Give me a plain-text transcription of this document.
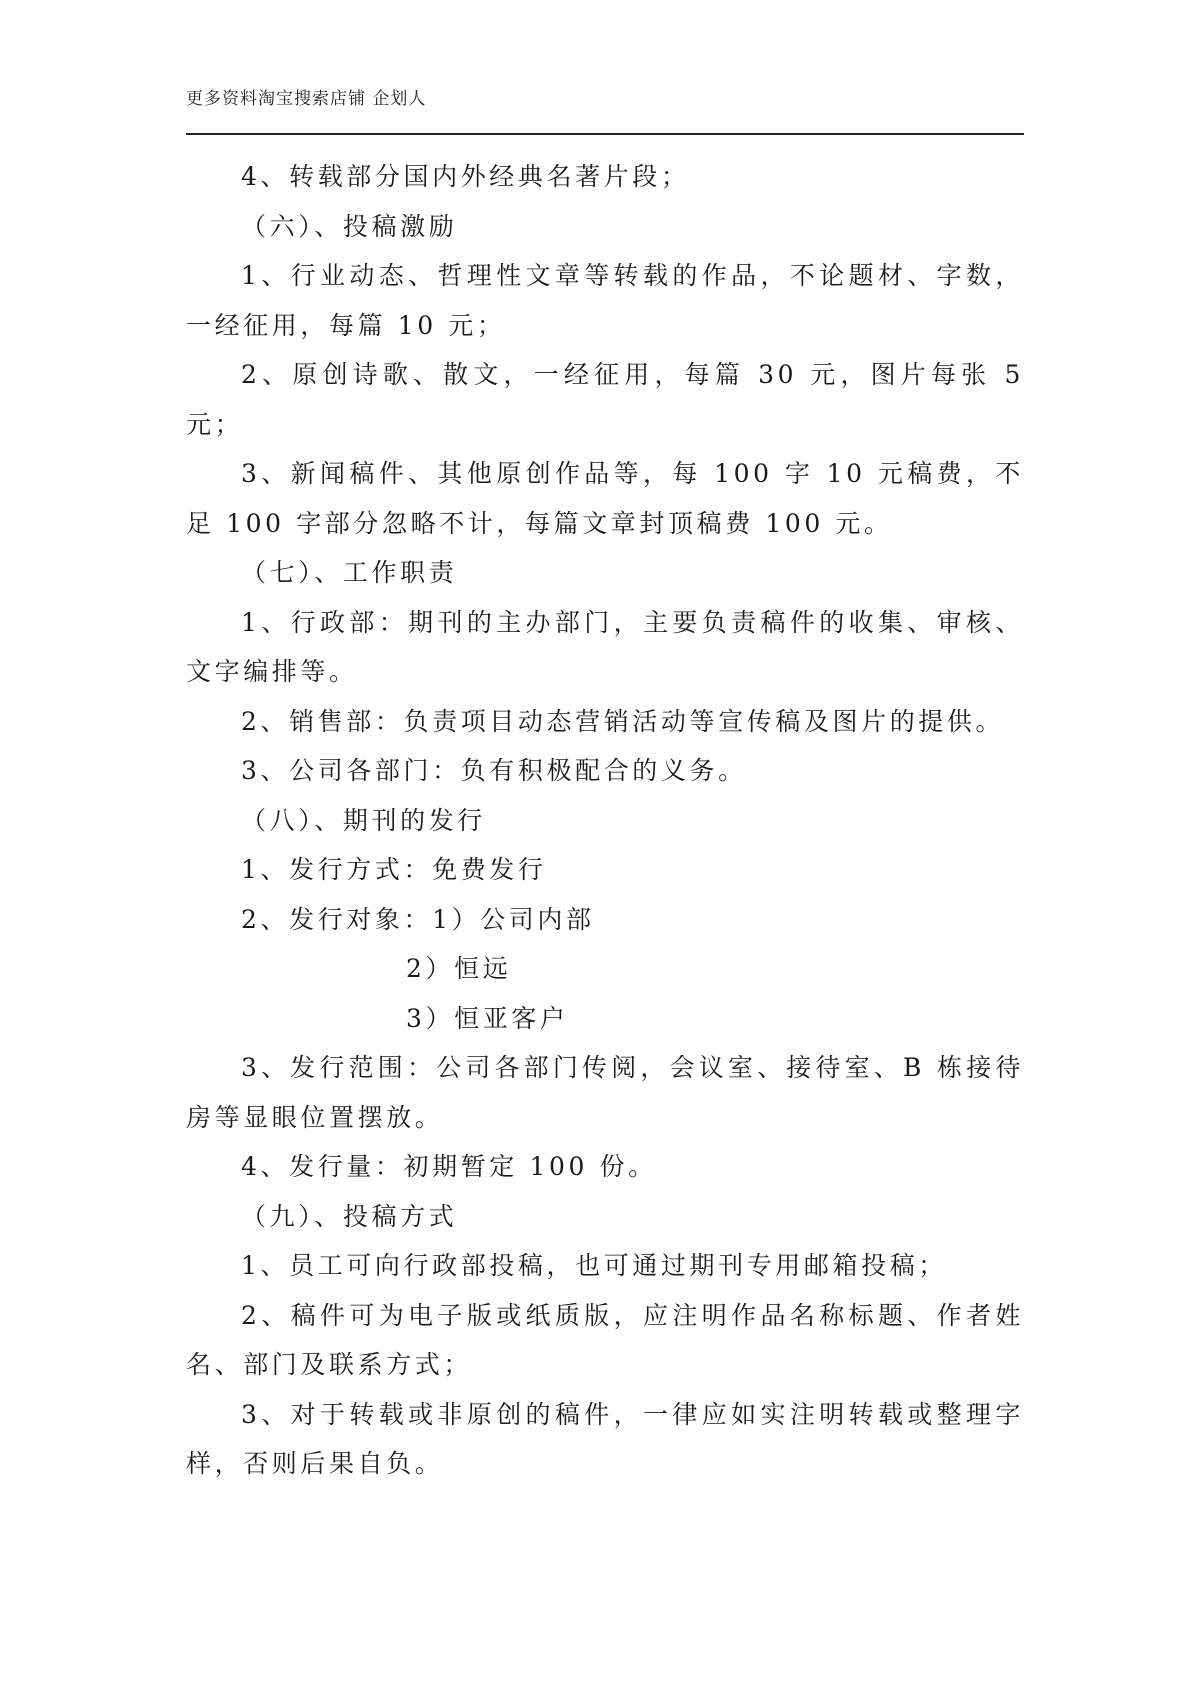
更多资料淘宝搜索店铺 企划人

4、转载部分国内外经典名著片段；

（六）、投稿激励

1、行业动态、哲理性文章等转载的作品，不论题材、字数，一经征用，每篇 10 元；

2、原创诗歌、散文，一经征用，每篇 30 元，图片每张 5 元；

3、新闻稿件、其他原创作品等，每 100 字 10 元稿费，不足 100 字部分忽略不计，每篇文章封顶稿费 100 元。

（七）、工作职责

1、行政部：期刊的主办部门，主要负责稿件的收集、审核、文字编排等。

2、销售部：负责项目动态营销活动等宣传稿及图片的提供。

3、公司各部门：负有积极配合的义务。

（八）、期刊的发行

1、发行方式：免费发行

2、发行对象：1）公司内部

2）恒远

3）恒亚客户

3、发行范围：公司各部门传阅，会议室、接待室、B 栋接待房等显眼位置摆放。

4、发行量：初期暂定 100 份。

（九）、投稿方式

1、员工可向行政部投稿，也可通过期刊专用邮箱投稿；

2、稿件可为电子版或纸质版，应注明作品名称标题、作者姓名、部门及联系方式；

3、对于转载或非原创的稿件，一律应如实注明转载或整理字样，否则后果自负。
